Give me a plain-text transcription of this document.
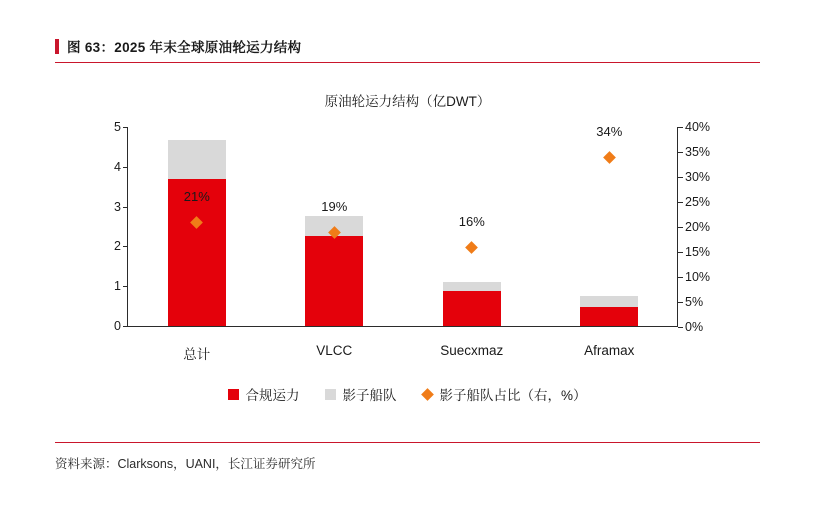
图 63：2025 年末全球原油轮运力结构
原油轮运力结构（亿DWT）
0
1
2
3
4
5
21%
总计
19%
VLCC
16%
Suecxmaz
34%
Aframax
0%
5%
10%
15%
20%
25%
30%
35%
40%
合规运力	影子船队	影子船队占比（右，%）
资料来源：Clarksons，UANI，长江证券研究所
